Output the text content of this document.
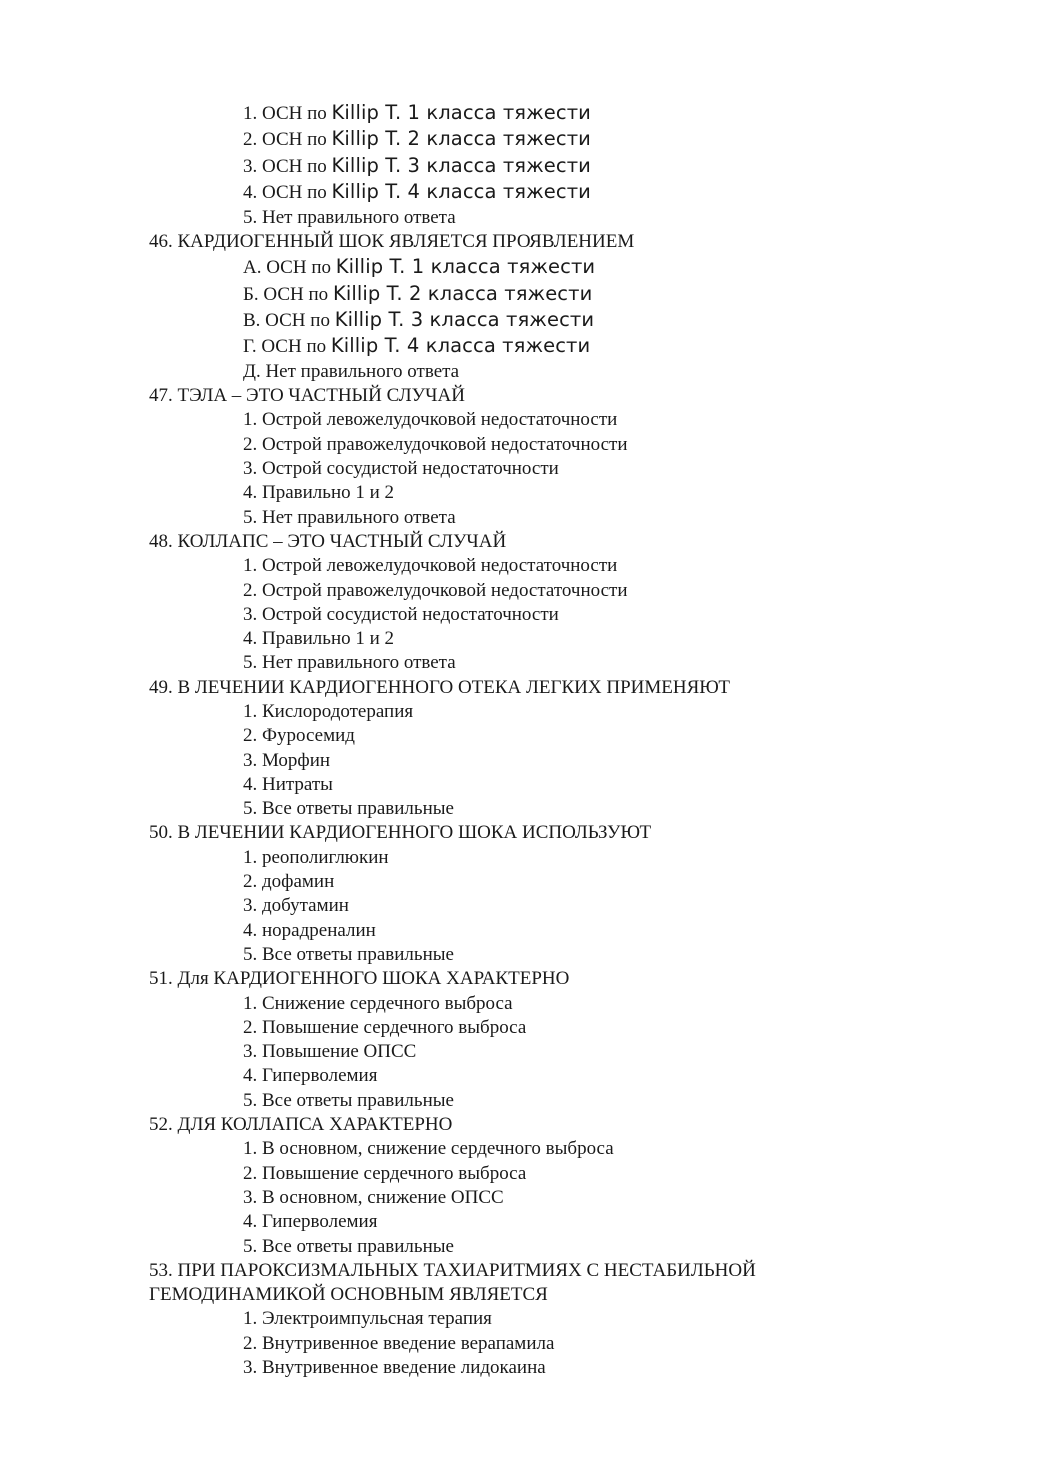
1. ОСН по Killip T. 1 класса тяжести

2. ОСН по Killip T. 2 класса тяжести

3. ОСН по Killip T. 3 класса тяжести

4. ОСН по Killip T. 4 класса тяжести

5. Нет правильного ответа

46. КАРДИОГЕННЫЙ ШОК ЯВЛЯЕТСЯ ПРОЯВЛЕНИЕМ

А. ОСН по Killip T. 1 класса тяжести

Б. ОСН по Killip T. 2 класса тяжести

В. ОСН по Killip T. 3 класса тяжести

Г. ОСН по Killip T. 4 класса тяжести

Д. Нет правильного ответа

47. ТЭЛА – ЭТО ЧАСТНЫЙ СЛУЧАЙ

1. Острой левожелудочковой недостаточности

2. Острой правожелудочковой недостаточности

3. Острой сосудистой недостаточности

4. Правильно 1 и 2

5. Нет правильного ответа

48. КОЛЛАПС – ЭТО ЧАСТНЫЙ СЛУЧАЙ

1. Острой левожелудочковой недостаточности

2. Острой правожелудочковой недостаточности

3. Острой сосудистой недостаточности

4. Правильно 1 и 2

5. Нет правильного ответа

49. В ЛЕЧЕНИИ КАРДИОГЕННОГО ОТЕКА ЛЕГКИХ ПРИМЕНЯЮТ

1. Кислородотерапия

2. Фуросемид

3. Морфин

4. Нитраты

5. Все ответы правильные

50. В ЛЕЧЕНИИ КАРДИОГЕННОГО ШОКА ИСПОЛЬЗУЮТ

1. реополиглюкин

2. дофамин

3. добутамин

4. норадреналин

5. Все ответы правильные

51. Для КАРДИОГЕННОГО ШОКА ХАРАКТЕРНО

1. Снижение сердечного выброса

2. Повышение сердечного выброса

3. Повышение ОПСС

4. Гиперволемия

5. Все ответы правильные

52. ДЛЯ КОЛЛАПСА ХАРАКТЕРНО

1. В основном, снижение сердечного выброса

2. Повышение сердечного выброса

3. В основном, снижение ОПСС

4. Гиперволемия

5. Все ответы правильные

53. ПРИ ПАРОКСИЗМАЛЬНЫХ ТАХИАРИТМИЯХ С НЕСТАБИЛЬНОЙ
ГЕМОДИНАМИКОЙ ОСНОВНЫМ ЯВЛЯЕТСЯ

1. Электроимпульсная терапия

2. Внутривенное введение верапамила

3. Внутривенное введение лидокаина
